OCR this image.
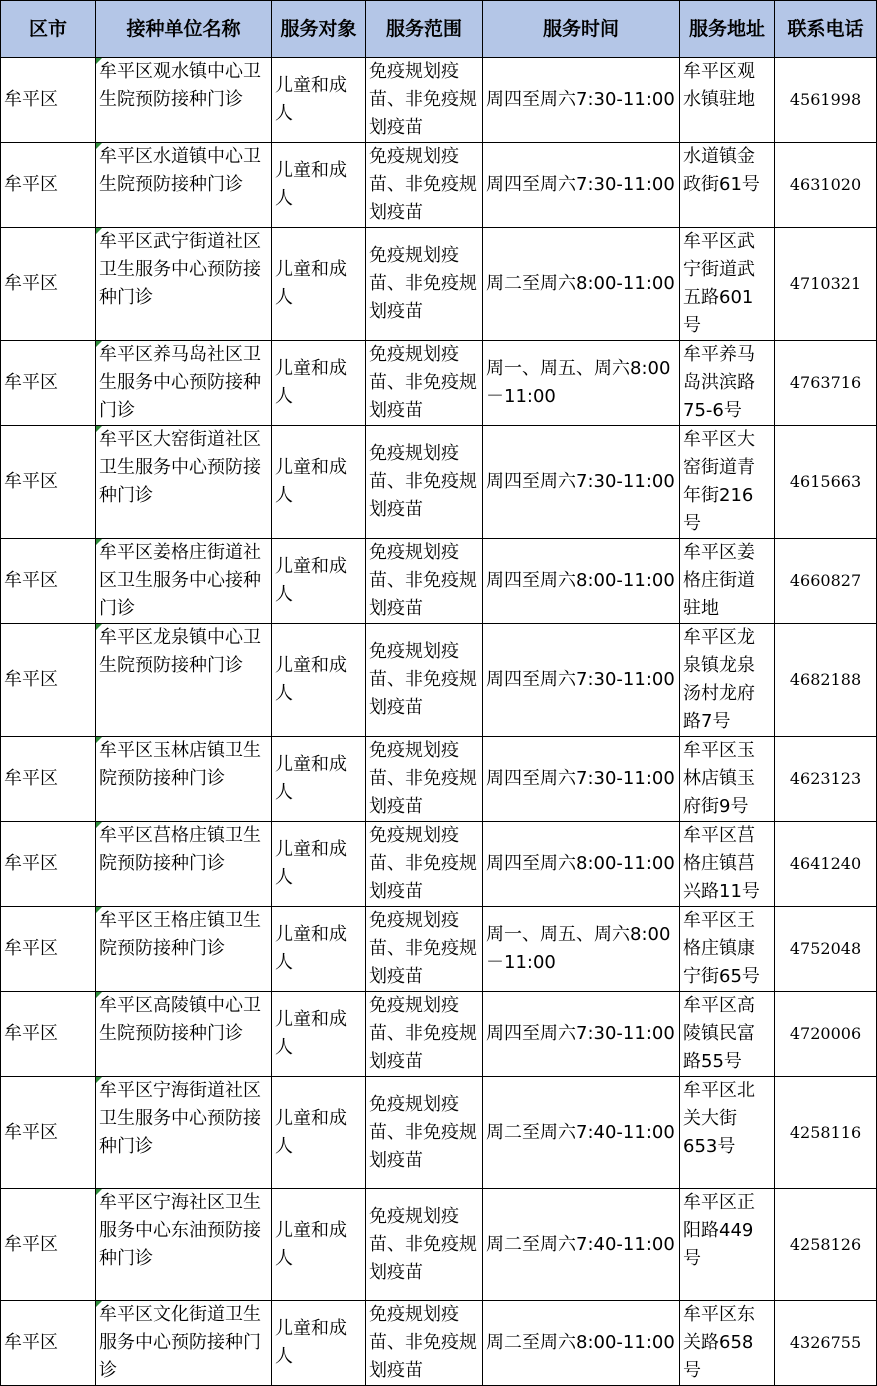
区市	接种单位名称	服务对象	服务范围	服务时间	服务地址	联系电话
牟平区	牟平区观水镇中心卫生院预防接种门诊	儿童和成人	免疫规划疫苗、非免疫规划疫苗	周四至周六7:30-11:00	牟平区观水镇驻地	4561998
牟平区	牟平区水道镇中心卫生院预防接种门诊	儿童和成人	免疫规划疫苗、非免疫规划疫苗	周四至周六7:30-11:00	水道镇金政街61号	4631020
牟平区	牟平区武宁街道社区卫生服务中心预防接种门诊	儿童和成人	免疫规划疫苗、非免疫规划疫苗	周二至周六8:00-11:00	牟平区武宁街道武五路601号	4710321
牟平区	牟平区养马岛社区卫生服务中心预防接种门诊	儿童和成人	免疫规划疫苗、非免疫规划疫苗	周一、周五、周六8:00－11:00	牟平养马岛洪滨路75-6号	4763716
牟平区	牟平区大窑街道社区卫生服务中心预防接种门诊	儿童和成人	免疫规划疫苗、非免疫规划疫苗	周四至周六7:30-11:00	牟平区大窑街道青年街216号	4615663
牟平区	牟平区姜格庄街道社区卫生服务中心接种门诊	儿童和成人	免疫规划疫苗、非免疫规划疫苗	周四至周六8:00-11:00	牟平区姜格庄街道驻地	4660827
牟平区	牟平区龙泉镇中心卫生院预防接种门诊	儿童和成人	免疫规划疫苗、非免疫规划疫苗	周四至周六7:30-11:00	牟平区龙泉镇龙泉汤村龙府路7号	4682188
牟平区	牟平区玉林店镇卫生院预防接种门诊	儿童和成人	免疫规划疫苗、非免疫规划疫苗	周四至周六7:30-11:00	牟平区玉林店镇玉府街9号	4623123
牟平区	牟平区莒格庄镇卫生院预防接种门诊	儿童和成人	免疫规划疫苗、非免疫规划疫苗	周四至周六8:00-11:00	牟平区莒格庄镇莒兴路11号	4641240
牟平区	牟平区王格庄镇卫生院预防接种门诊	儿童和成人	免疫规划疫苗、非免疫规划疫苗	周一、周五、周六8:00－11:00	牟平区王格庄镇康宁街65号	4752048
牟平区	牟平区高陵镇中心卫生院预防接种门诊	儿童和成人	免疫规划疫苗、非免疫规划疫苗	周四至周六7:30-11:00	牟平区高陵镇民富路55号	4720006
牟平区	牟平区宁海街道社区卫生服务中心预防接种门诊	儿童和成人	免疫规划疫苗、非免疫规划疫苗	周二至周六7:40-11:00	牟平区北关大街653号	4258116
牟平区	牟平区宁海社区卫生服务中心东油预防接种门诊	儿童和成人	免疫规划疫苗、非免疫规划疫苗	周二至周六7:40-11:00	牟平区正阳路449号	4258126
牟平区	牟平区文化街道卫生服务中心预防接种门诊	儿童和成人	免疫规划疫苗、非免疫规划疫苗	周二至周六8:00-11:00	牟平区东关路658号	4326755
